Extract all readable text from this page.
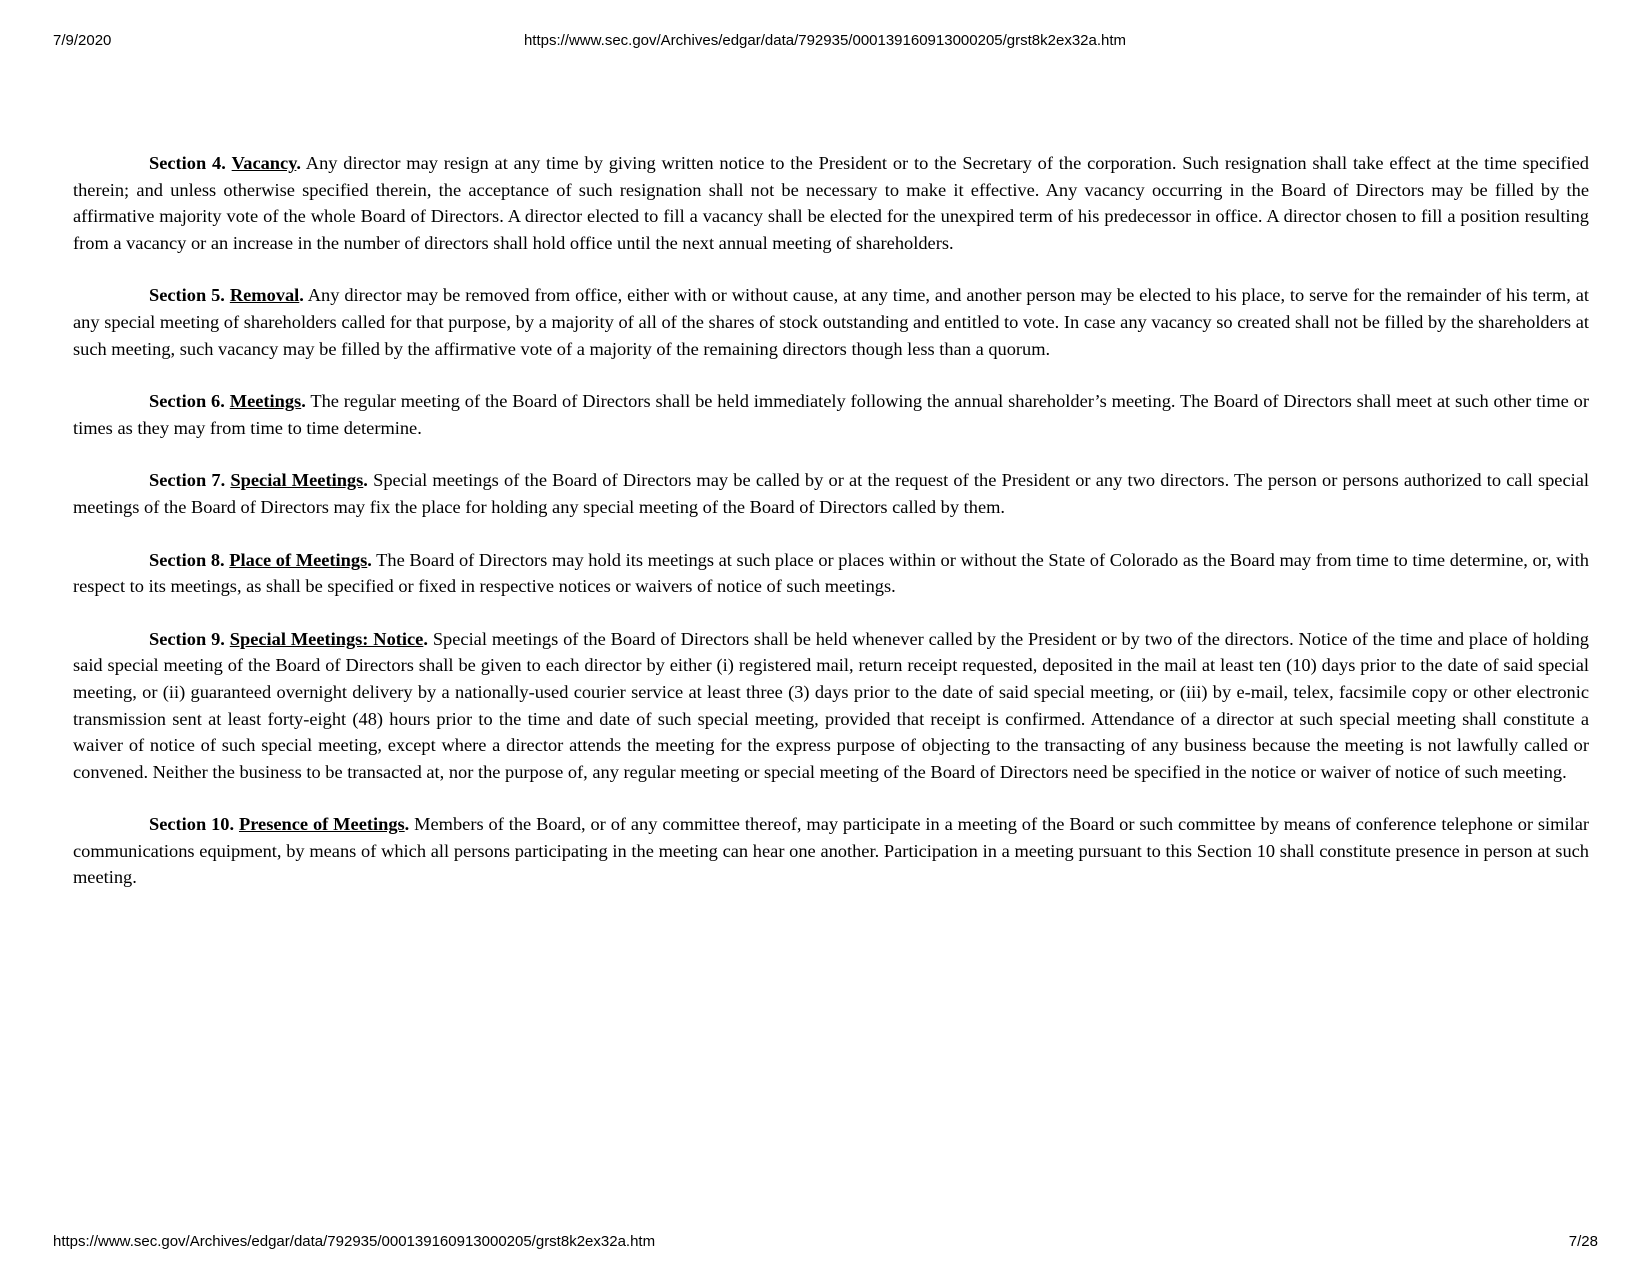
https://www.sec.gov/Archives/edgar/data/792935/000139160913000205/grst8k2ex32a.htm
7/9/2020

Section 4. Vacancy. Any director may resign at any time by giving written notice to the President or to the Secretary of the corporation. Such resignation shall take effect at the time specified therein; and unless otherwise specified therein, the acceptance of such resignation shall not be necessary to make it effective. Any vacancy occurring in the Board of Directors may be filled by the affirmative majority vote of the whole Board of Directors. A director elected to fill a vacancy shall be elected for the unexpired term of his predecessor in office. A director chosen to fill a position resulting from a vacancy or an increase in the number of directors shall hold office until the next annual meeting of shareholders.

Section 5. Removal. Any director may be removed from office, either with or without cause, at any time, and another person may be elected to his place, to serve for the remainder of his term, at any special meeting of shareholders called for that purpose, by a majority of all of the shares of stock outstanding and entitled to vote. In case any vacancy so created shall not be filled by the shareholders at such meeting, such vacancy may be filled by the affirmative vote of a majority of the remaining directors though less than a quorum.

Section 6. Meetings. The regular meeting of the Board of Directors shall be held immediately following the annual shareholder’s meeting. The Board of Directors shall meet at such other time or times as they may from time to time determine.

Section 7. Special Meetings. Special meetings of the Board of Directors may be called by or at the request of the President or any two directors. The person or persons authorized to call special meetings of the Board of Directors may fix the place for holding any special meeting of the Board of Directors called by them.

Section 8. Place of Meetings. The Board of Directors may hold its meetings at such place or places within or without the State of Colorado as the Board may from time to time determine, or, with respect to its meetings, as shall be specified or fixed in respective notices or waivers of notice of such meetings.

Section 9. Special Meetings: Notice. Special meetings of the Board of Directors shall be held whenever called by the President or by two of the directors. Notice of the time and place of holding said special meeting of the Board of Directors shall be given to each director by either (i) registered mail, return receipt requested, deposited in the mail at least ten (10) days prior to the date of said special meeting, or (ii) guaranteed overnight delivery by a nationally-used courier service at least three (3) days prior to the date of said special meeting, or (iii) by e-mail, telex, facsimile copy or other electronic transmission sent at least forty-eight (48) hours prior to the time and date of such special meeting, provided that receipt is confirmed. Attendance of a director at such special meeting shall constitute a waiver of notice of such special meeting, except where a director attends the meeting for the express purpose of objecting to the transacting of any business because the meeting is not lawfully called or convened. Neither the business to be transacted at, nor the purpose of, any regular meeting or special meeting of the Board of Directors need be specified in the notice or waiver of notice of such meeting.

Section 10. Presence of Meetings. Members of the Board, or of any committee thereof, may participate in a meeting of the Board or such committee by means of conference telephone or similar communications equipment, by means of which all persons participating in the meeting can hear one another. Participation in a meeting pursuant to this Section 10 shall constitute presence in person at such meeting.

https://www.sec.gov/Archives/edgar/data/792935/000139160913000205/grst8k2ex32a.htm	7/28
